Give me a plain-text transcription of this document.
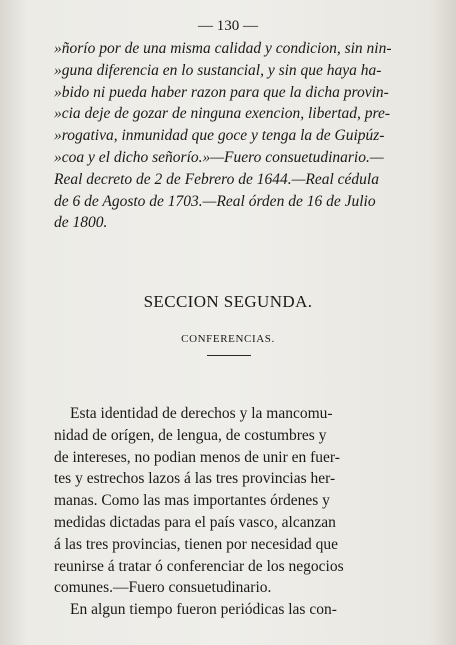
— 130 —
»ñorío por de una misma calidad y condicion, sin nin-
»guna diferencia en lo sustancial, y sin que haya ha-
»bido ni pueda haber razon para que la dicha provin-
»cia deje de gozar de ninguna exencion, libertad, pre-
»rogativa, inmunidad que goce y tenga la de Guipúz-
»coa y el dicho señorío.»—Fuero consuetudinario.—
Real decreto de 2 de Febrero de 1644.—Real cédula
de 6 de Agosto de 1703.—Real órden de 16 de Julio
de 1800.
SECCION SEGUNDA.
CONFERENCIAS.
Esta identidad de derechos y la mancomu-
nidad de orígen, de lengua, de costumbres y
de intereses, no podian menos de unir en fuer-
tes y estrechos lazos á las tres provincias her-
manas. Como las mas importantes órdenes y
medidas dictadas para el país vasco, alcanzan
á las tres provincias, tienen por necesidad que
reunirse á tratar ó conferenciar de los negocios
comunes.—Fuero consuetudinario.
En algun tiempo fueron periódicas las con-
